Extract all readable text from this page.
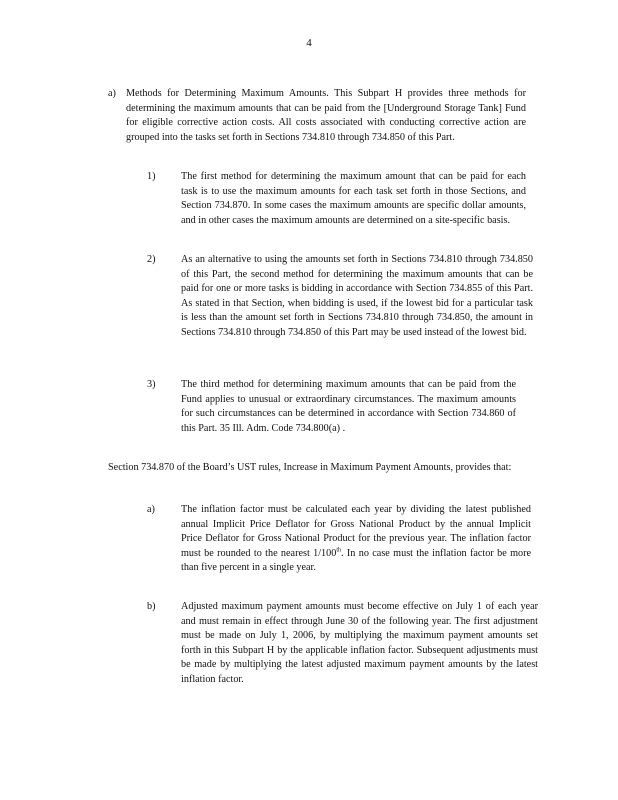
4

a) Methods for Determining Maximum Amounts. This Subpart H provides three methods for determining the maximum amounts that can be paid from the [Underground Storage Tank] Fund for eligible corrective action costs. All costs associated with conducting corrective action are grouped into the tasks set forth in Sections 734.810 through 734.850 of this Part.

1)	The first method for determining the maximum amount that can be paid for each task is to use the maximum amounts for each task set forth in those Sections, and Section 734.870. In some cases the maximum amounts are specific dollar amounts, and in other cases the maximum amounts are determined on a site-specific basis.

2)	As an alternative to using the amounts set forth in Sections 734.810 through 734.850 of this Part, the second method for determining the maximum amounts that can be paid for one or more tasks is bidding in accordance with Section 734.855 of this Part. As stated in that Section, when bidding is used, if the lowest bid for a particular task is less than the amount set forth in Sections 734.810 through 734.850, the amount in Sections 734.810 through 734.850 of this Part may be used instead of the lowest bid.

3)	The third method for determining maximum amounts that can be paid from the Fund applies to unusual or extraordinary circumstances. The maximum amounts for such circumstances can be determined in accordance with Section 734.860 of this Part. 35 Ill. Adm. Code 734.800(a) .

Section 734.870 of the Board’s UST rules, Increase in Maximum Payment Amounts, provides that:

a)	The inflation factor must be calculated each year by dividing the latest published annual Implicit Price Deflator for Gross National Product by the annual Implicit Price Deflator for Gross National Product for the previous year. The inflation factor must be rounded to the nearest 1/100th. In no case must the inflation factor be more than five percent in a single year.

b)	Adjusted maximum payment amounts must become effective on July 1 of each year and must remain in effect through June 30 of the following year. The first adjustment must be made on July 1, 2006, by multiplying the maximum payment amounts set forth in this Subpart H by the applicable inflation factor. Subsequent adjustments must be made by multiplying the latest adjusted maximum payment amounts by the latest inflation factor.
